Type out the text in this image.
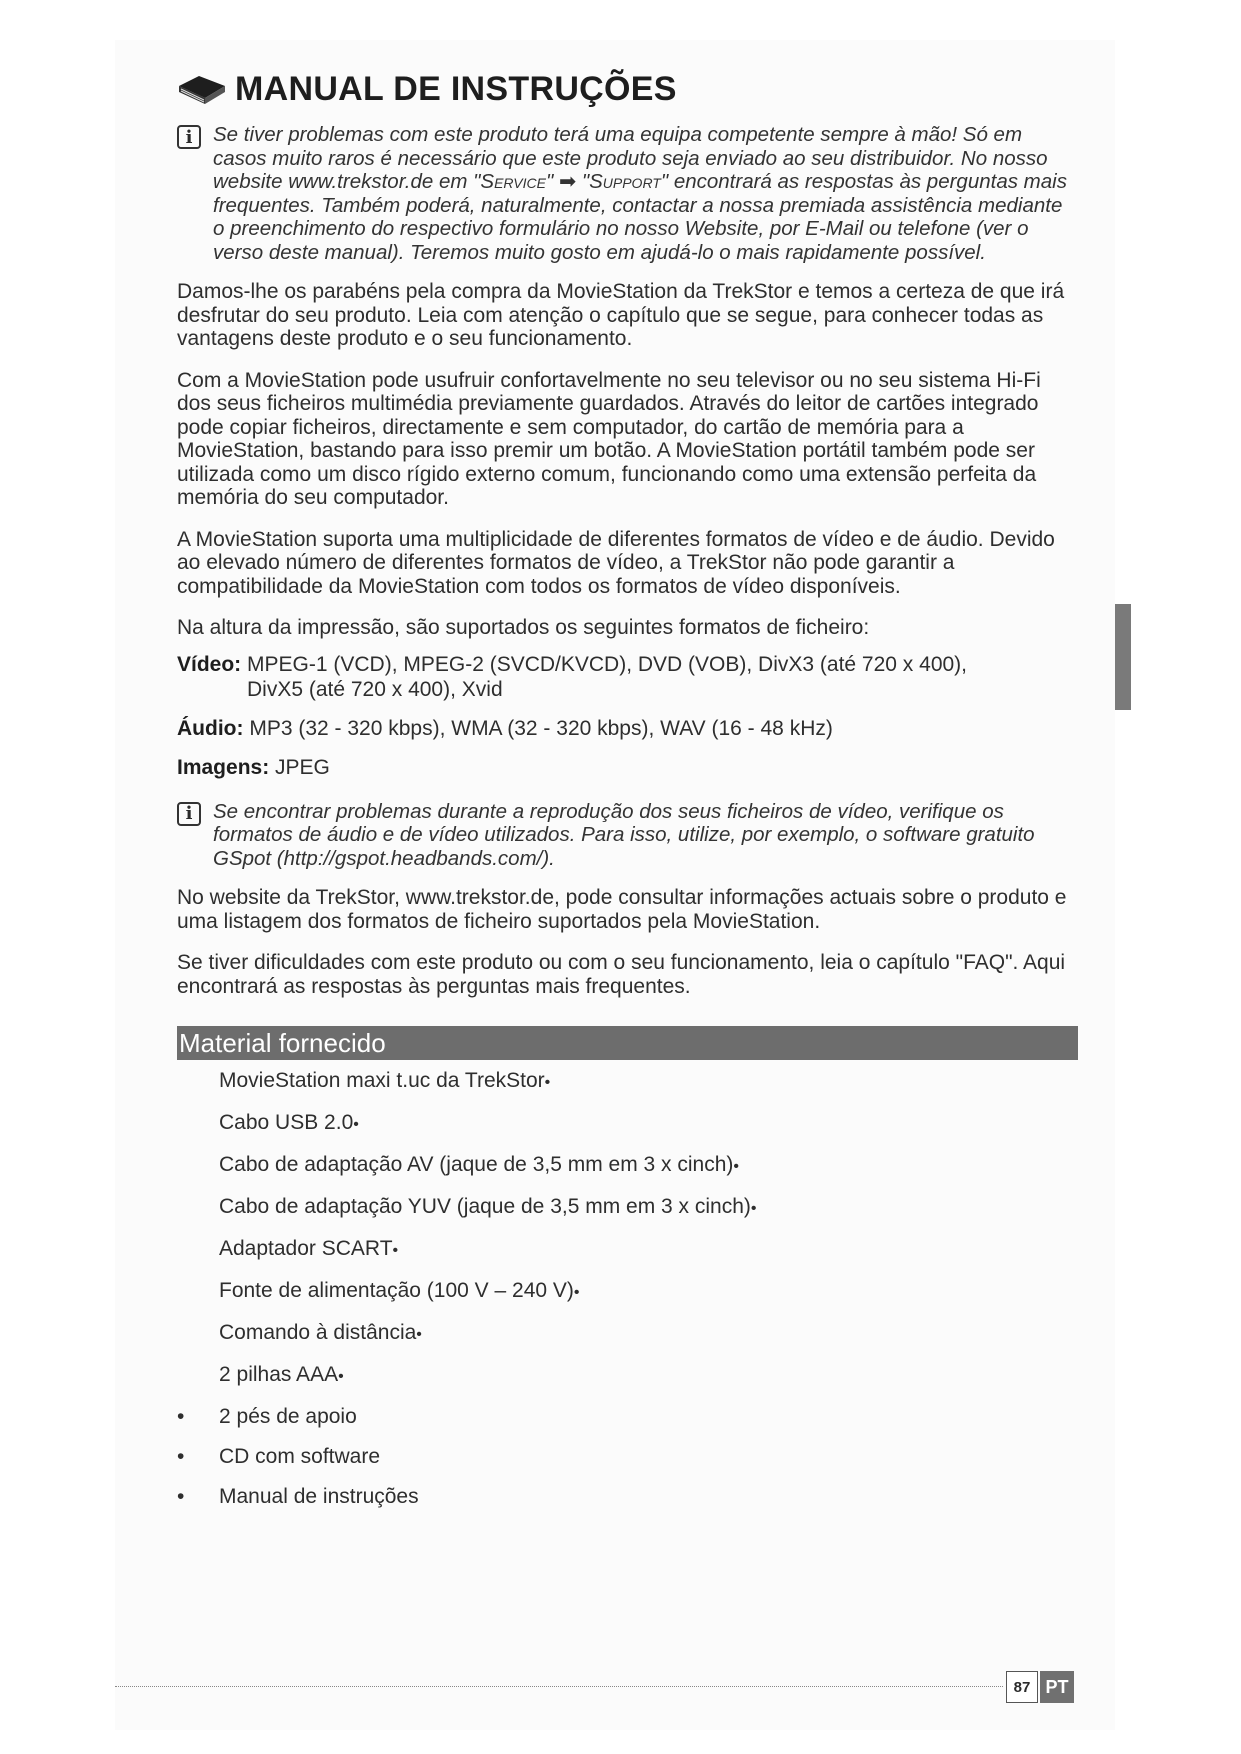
MANUAL DE INSTRUÇÕES
i	Se tiver problemas com este produto terá uma equipa competente sempre à mão! Só em casos muito raros é necessário que este produto seja enviado ao seu distribuidor. No nosso website www.trekstor.de em "Service" ➡ "Support" encontrará as respostas às perguntas mais frequentes. Também poderá, naturalmente, contactar a nossa premiada assistência mediante o preenchimento do respectivo formulário no nosso Website, por E-Mail ou telefone (ver o verso deste manual). Teremos muito gosto em ajudá-lo o mais rapidamente possível.

Damos-lhe os parabéns pela compra da MovieStation da TrekStor e temos a certeza de que irá desfrutar do seu produto. Leia com atenção o capítulo que se segue, para conhecer todas as vantagens deste produto e o seu funcionamento.

Com a MovieStation pode usufruir confortavelmente no seu televisor ou no seu sistema Hi-Fi dos seus ficheiros multimédia previamente guardados. Através do leitor de cartões integrado pode copiar ficheiros, directamente e sem computador, do cartão de memória para a MovieStation, bastando para isso premir um botão. A MovieStation portátil também pode ser utilizada como um disco rígido externo comum, funcionando como uma extensão perfeita da memória do seu computador.

A MovieStation suporta uma multiplicidade de diferentes formatos de vídeo e de áudio. Devido ao elevado número de diferentes formatos de vídeo, a TrekStor não pode garantir a compatibilidade da MovieStation com todos os formatos de vídeo disponíveis.

Na altura da impressão, são suportados os seguintes formatos de ficheiro:

Vídeo: MPEG-1 (VCD), MPEG-2 (SVCD/KVCD), DVD (VOB), DivX3 (até 720 x 400),
DivX5 (até 720 x 400), Xvid
Áudio: MP3 (32 - 320 kbps), WMA (32 - 320 kbps), WAV (16 - 48 kHz)
Imagens: JPEG
i	Se encontrar problemas durante a reprodução dos seus ficheiros de vídeo, verifique os formatos de áudio e de vídeo utilizados. Para isso, utilize, por exemplo, o software gratuito GSpot (http://gspot.headbands.com/).

No website da TrekStor, www.trekstor.de, pode consultar informações actuais sobre o produto e uma listagem dos formatos de ficheiro suportados pela MovieStation.

Se tiver dificuldades com este produto ou com o seu funcionamento, leia o capítulo "FAQ". Aqui encontrará as respostas às perguntas mais frequentes.

Material fornecido
MovieStation maxi t.uc da TrekStor•
Cabo USB 2.0•
Cabo de adaptação AV (jaque de 3,5 mm em 3 x cinch)•
Cabo de adaptação YUV (jaque de 3,5 mm em 3 x cinch)•
Adaptador SCART•
Fonte de alimentação (100 V – 240 V)•
Comando à distância•
2 pilhas AAA•
• 2 pés de apoio
• CD com software
• Manual de instruções
87 PT
